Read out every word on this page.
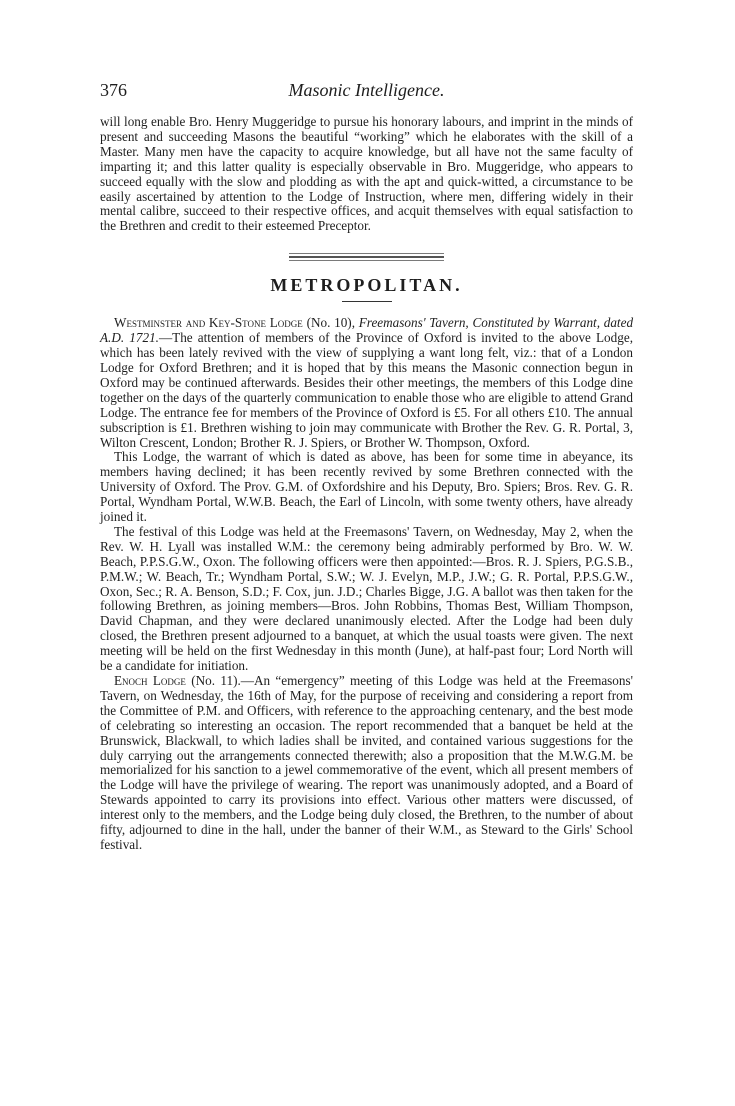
376	Masonic Intelligence.

will long enable Bro. Henry Muggeridge to pursue his honorary labours, and imprint in the minds of present and succeeding Masons the beautiful “working” which he elaborates with the skill of a Master. Many men have the capacity to acquire knowledge, but all have not the same faculty of imparting it; and this latter quality is especially observable in Bro. Muggeridge, who appears to succeed equally with the slow and plodding as with the apt and quick-witted, a circumstance to be easily ascertained by attention to the Lodge of Instruction, where men, differing widely in their mental calibre, succeed to their respective offices, and acquit themselves with equal satisfaction to the Brethren and credit to their esteemed Preceptor.

METROPOLITAN.

Westminster and Key-Stone Lodge (No. 10), Freemasons' Tavern, Constituted by Warrant, dated A.D. 1721.—The attention of members of the Province of Oxford is invited to the above Lodge, which has been lately revived with the view of supplying a want long felt, viz.: that of a London Lodge for Oxford Brethren; and it is hoped that by this means the Masonic connection begun in Oxford may be continued afterwards. Besides their other meetings, the members of this Lodge dine together on the days of the quarterly communication to enable those who are eligible to attend Grand Lodge. The entrance fee for members of the Province of Oxford is £5. For all others £10. The annual subscription is £1. Brethren wishing to join may communicate with Brother the Rev. G. R. Portal, 3, Wilton Crescent, London; Brother R. J. Spiers, or Brother W. Thompson, Oxford.

This Lodge, the warrant of which is dated as above, has been for some time in abeyance, its members having declined; it has been recently revived by some Brethren connected with the University of Oxford. The Prov. G.M. of Oxfordshire and his Deputy, Bro. Spiers; Bros. Rev. G. R. Portal, Wyndham Portal, W.W.B. Beach, the Earl of Lincoln, with some twenty others, have already joined it.

The festival of this Lodge was held at the Freemasons' Tavern, on Wednesday, May 2, when the Rev. W. H. Lyall was installed W.M.: the ceremony being admirably performed by Bro. W. W. Beach, P.P.S.G.W., Oxon. The following officers were then appointed:—Bros. R. J. Spiers, P.G.S.B., P.M.W.; W. Beach, Tr.; Wyndham Portal, S.W.; W. J. Evelyn, M.P., J.W.; G. R. Portal, P.P.S.G.W., Oxon, Sec.; R. A. Benson, S.D.; F. Cox, jun. J.D.; Charles Bigge, J.G. A ballot was then taken for the following Brethren, as joining members—Bros. John Robbins, Thomas Best, William Thompson, David Chapman, and they were declared unanimously elected. After the Lodge had been duly closed, the Brethren present adjourned to a banquet, at which the usual toasts were given. The next meeting will be held on the first Wednesday in this month (June), at half-past four; Lord North will be a candidate for initiation.

Enoch Lodge (No. 11).—An “emergency” meeting of this Lodge was held at the Freemasons' Tavern, on Wednesday, the 16th of May, for the purpose of receiving and considering a report from the Committee of P.M. and Officers, with reference to the approaching centenary, and the best mode of celebrating so interesting an occasion. The report recommended that a banquet be held at the Brunswick, Blackwall, to which ladies shall be invited, and contained various suggestions for the duly carrying out the arrangements connected therewith; also a proposition that the M.W.G.M. be memorialized for his sanction to a jewel commemorative of the event, which all present members of the Lodge will have the privilege of wearing. The report was unanimously adopted, and a Board of Stewards appointed to carry its provisions into effect. Various other matters were discussed, of interest only to the members, and the Lodge being duly closed, the Brethren, to the number of about fifty, adjourned to dine in the hall, under the banner of their W.M., as Steward to the Girls' School festival.
